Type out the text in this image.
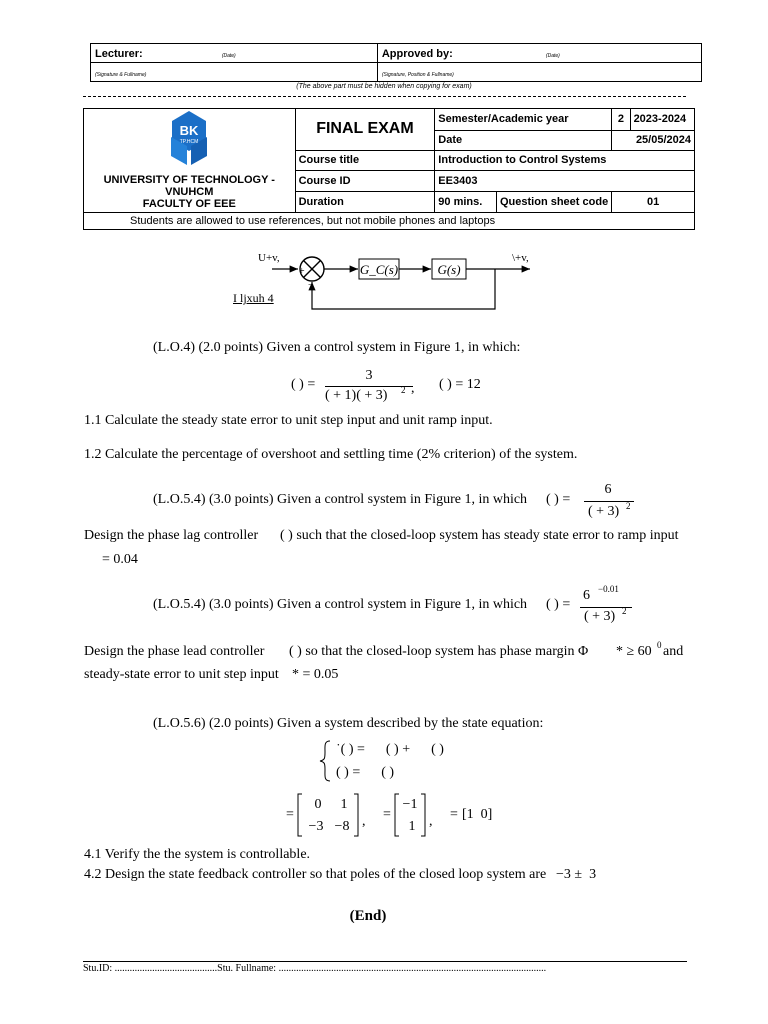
Lecturer:	(Date)	Approved by:	(Date)
(Signature & Fullname)		(Signature, Position & Fullname)	
(The above part must be hidden when copying for exam)
BK
TP.HCM
UNIVERSITY OF TECHNOLOGY - VNUHCM
FACULTY OF EEE	FINAL EXAM	Semester/Academic year		2	2023-2024
		Date		25/05/2024	
	Course title	Introduction to Control Systems			
	Course ID	EE3403			
	Duration	90 mins.	Question sheet code	01	
Students are allowed to use references, but not mobile phones and laptops					
+
−
G_C(s)	G(s)
U+v,	\+v,
I ljxuh 4
(L.O.4) (2.0 points) Given a control system in Figure 1, in which:
( ) =
3
( + 1)( + 3) 2 , ( ) = 12
1.1 Calculate the steady state error to unit step input and unit ramp input.
1.2 Calculate the percentage of overshoot and settling time (2% criterion) of the system.
(L.O.5.4) (3.0 points) Given a control system in Figure 1, in which ( ) =
6
( + 3) 2
Design the phase lag controller ( ) such that the closed-loop system has steady state error to ramp input
= 0.04
(L.O.5.4) (3.0 points) Given a control system in Figure 1, in which ( ) =
6 −0.01
( + 3) 2
Design the phase lead controller ( ) so that the closed-loop system has phase margin Φ * ≥ 60 0 and
steady-state error to unit step input * = 0.05
(L.O.5.6) (2.0 points) Given a system described by the state equation:
˙( ) =      ( ) +      ( )
( ) =      ( )
=
0 1
−3 −8 , =
−1
1 , = [1  0]
4.1 Verify the the system is controllable.
4.2 Design the state feedback controller so that poles of the closed loop system are −3 ±  3
(End)
Stu.ID: .........................................Stu. Fullname: ...........................................................................................................
